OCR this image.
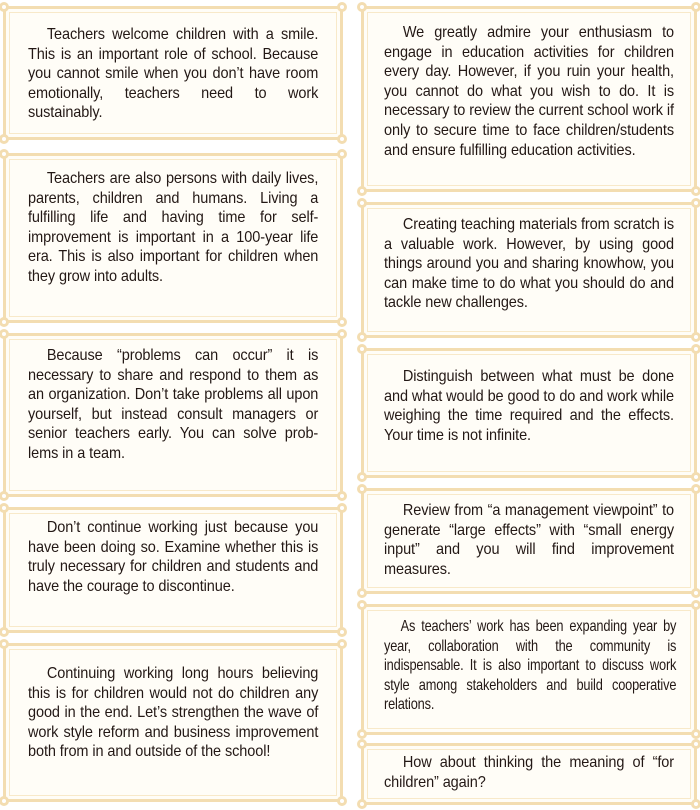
Teachers welcome children with a smile. This is an important role of school. Because you cannot smile when you don’t have room emotionally, teachers need to work sustainably.

Teachers are also persons with daily lives, parents, children and humans. Living a fulfilling life and having time for self-improvement is important in a 100-year life era. This is also important for children when they grow into adults.

Because “problems can occur” it is necessary to share and respond to them as an organization. Don’t take problems all upon yourself, but instead consult managers or senior teachers early. You can solve problems in a team.

Don’t continue working just because you have been doing so. Examine whether this is truly necessary for children and students and have the courage to discontinue.

Continuing working long hours believing this is for children would not do children any good in the end. Let’s strengthen the wave of work style reform and business improvement both from in and outside of the school!

We greatly admire your enthusiasm to engage in education activities for children every day. However, if you ruin your health, you cannot do what you wish to do. It is necessary to review the current school work if only to secure time to face children/students and ensure fulfilling education activities.

Creating teaching materials from scratch is a valuable work. However, by using good things around you and sharing knowhow, you can make time to do what you should do and tackle new challenges.

Distinguish between what must be done and what would be good to do and work while weighing the time required and the effects. Your time is not infinite.

Review from “a management viewpoint” to generate “large effects” with “small energy input” and you will find improvement measures.

As teachers’ work has been expanding year by year, collaboration with the community is indispensable. It is also important to discuss work style among stakeholders and build cooperative relations.

How about thinking the meaning of “for children” again?
